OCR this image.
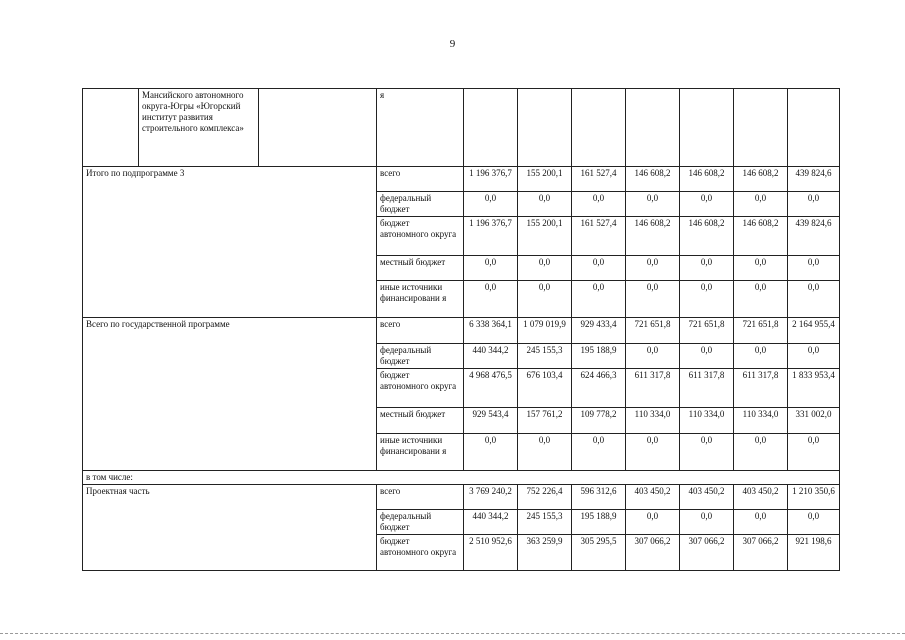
9
	Мансийского автономного округа-Югры «Югорский институт развития строительного комплекса»		я							
Итого по подпрограмме 3			всего	1 196 376,7	155 200,1	161 527,4	146 608,2	146 608,2	146 608,2	439 824,6
			федеральный бюджет	0,0	0,0	0,0	0,0	0,0	0,0	0,0
			бюджет автономного округа	1 196 376,7	155 200,1	161 527,4	146 608,2	146 608,2	146 608,2	439 824,6
			местный бюджет	0,0	0,0	0,0	0,0	0,0	0,0	0,0
			иные источники финансировани я	0,0	0,0	0,0	0,0	0,0	0,0	0,0
Всего по государственной программе			всего	6 338 364,1	1 079 019,9	929 433,4	721 651,8	721 651,8	721 651,8	2 164 955,4
			федеральный бюджет	440 344,2	245 155,3	195 188,9	0,0	0,0	0,0	0,0
			бюджет автономного округа	4 968 476,5	676 103,4	624 466,3	611 317,8	611 317,8	611 317,8	1 833 953,4
			местный бюджет	929 543,4	157 761,2	109 778,2	110 334,0	110 334,0	110 334,0	331 002,0
			иные источники финансировани я	0,0	0,0	0,0	0,0	0,0	0,0	0,0
в том числе:										
Проектная часть			всего	3 769 240,2	752 226,4	596 312,6	403 450,2	403 450,2	403 450,2	1 210 350,6
			федеральный бюджет	440 344,2	245 155,3	195 188,9	0,0	0,0	0,0	0,0
			бюджет автономного округа	2 510 952,6	363 259,9	305 295,5	307 066,2	307 066,2	307 066,2	921 198,6
